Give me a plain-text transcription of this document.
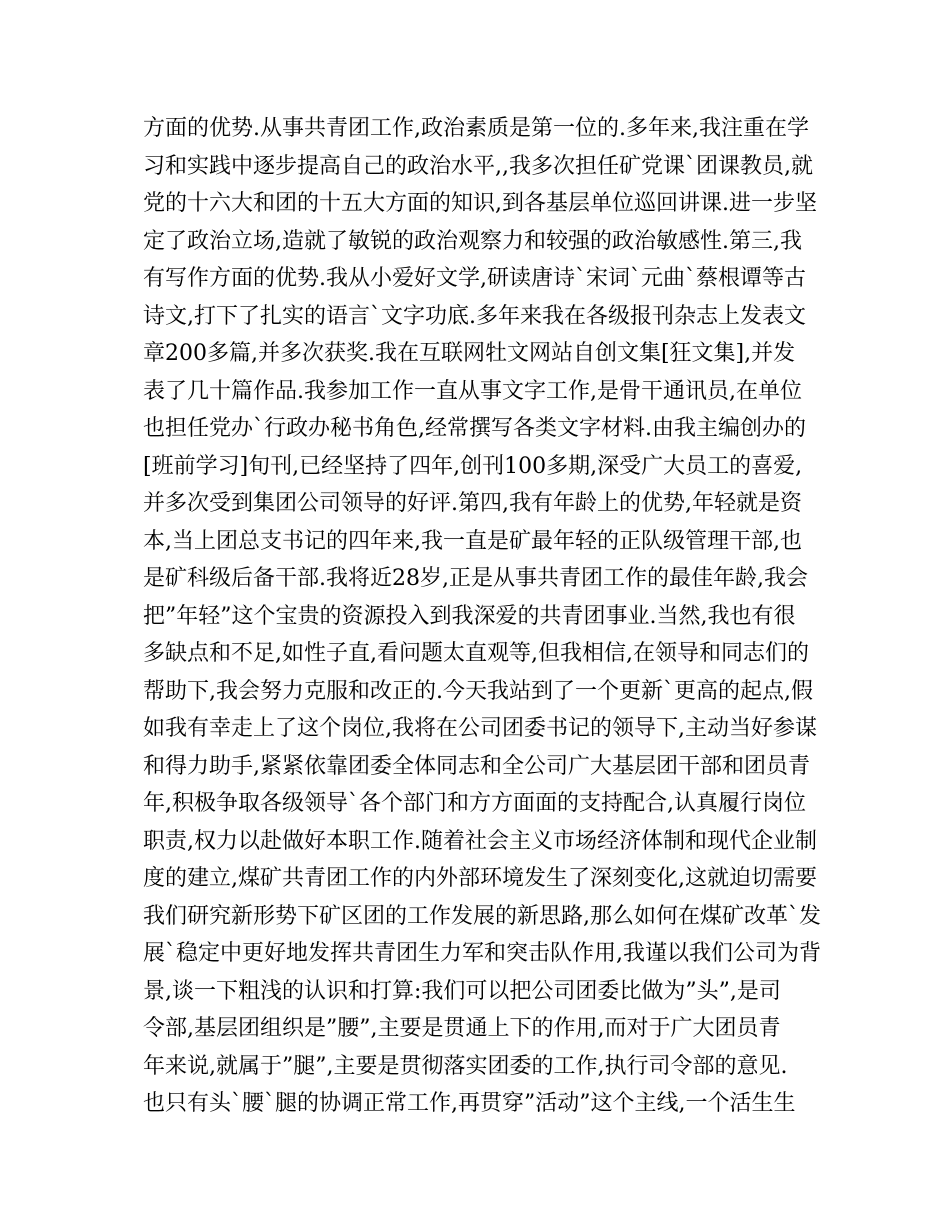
方面的优势.从事共青团工作,政治素质是第一位的.多年来,我注重在学
习和实践中逐步提高自己的政治水平,,我多次担任矿党课`团课教员,就
党的十六大和团的十五大方面的知识,到各基层单位巡回讲课.进一步坚
定了政治立场,造就了敏锐的政治观察力和较强的政治敏感性.第三,我
有写作方面的优势.我从小爱好文学,研读唐诗`宋词`元曲`蔡根谭等古
诗文,打下了扎实的语言`文字功底.多年来我在各级报刊杂志上发表文
章200多篇,并多次获奖.我在互联网牡文网站自创文集[狂文集],并发
表了几十篇作品.我参加工作一直从事文字工作,是骨干通讯员,在单位
也担任党办`行政办秘书角色,经常撰写各类文字材料.由我主编创办的
[班前学习]旬刊,已经坚持了四年,创刊100多期,深受广大员工的喜爱,
并多次受到集团公司领导的好评.第四,我有年龄上的优势,年轻就是资
本,当上团总支书记的四年来,我一直是矿最年轻的正队级管理干部,也
是矿科级后备干部.我将近28岁,正是从事共青团工作的最佳年龄,我会
把”年轻”这个宝贵的资源投入到我深爱的共青团事业.当然,我也有很
多缺点和不足,如性子直,看问题太直观等,但我相信,在领导和同志们的
帮助下,我会努力克服和改正的.今天我站到了一个更新`更高的起点,假
如我有幸走上了这个岗位,我将在公司团委书记的领导下,主动当好参谋
和得力助手,紧紧依靠团委全体同志和全公司广大基层团干部和团员青
年,积极争取各级领导`各个部门和方方面面的支持配合,认真履行岗位
职责,权力以赴做好本职工作.随着社会主义市场经济体制和现代企业制
度的建立,煤矿共青团工作的内外部环境发生了深刻变化,这就迫切需要
我们研究新形势下矿区团的工作发展的新思路,那么如何在煤矿改革`发
展`稳定中更好地发挥共青团生力军和突击队作用,我谨以我们公司为背
景,谈一下粗浅的认识和打算:我们可以把公司团委比做为”头”,是司
令部,基层团组织是”腰”,主要是贯通上下的作用,而对于广大团员青
年来说,就属于”腿”,主要是贯彻落实团委的工作,执行司令部的意见.
也只有头`腰`腿的协调正常工作,再贯穿”活动”这个主线,一个活生生
